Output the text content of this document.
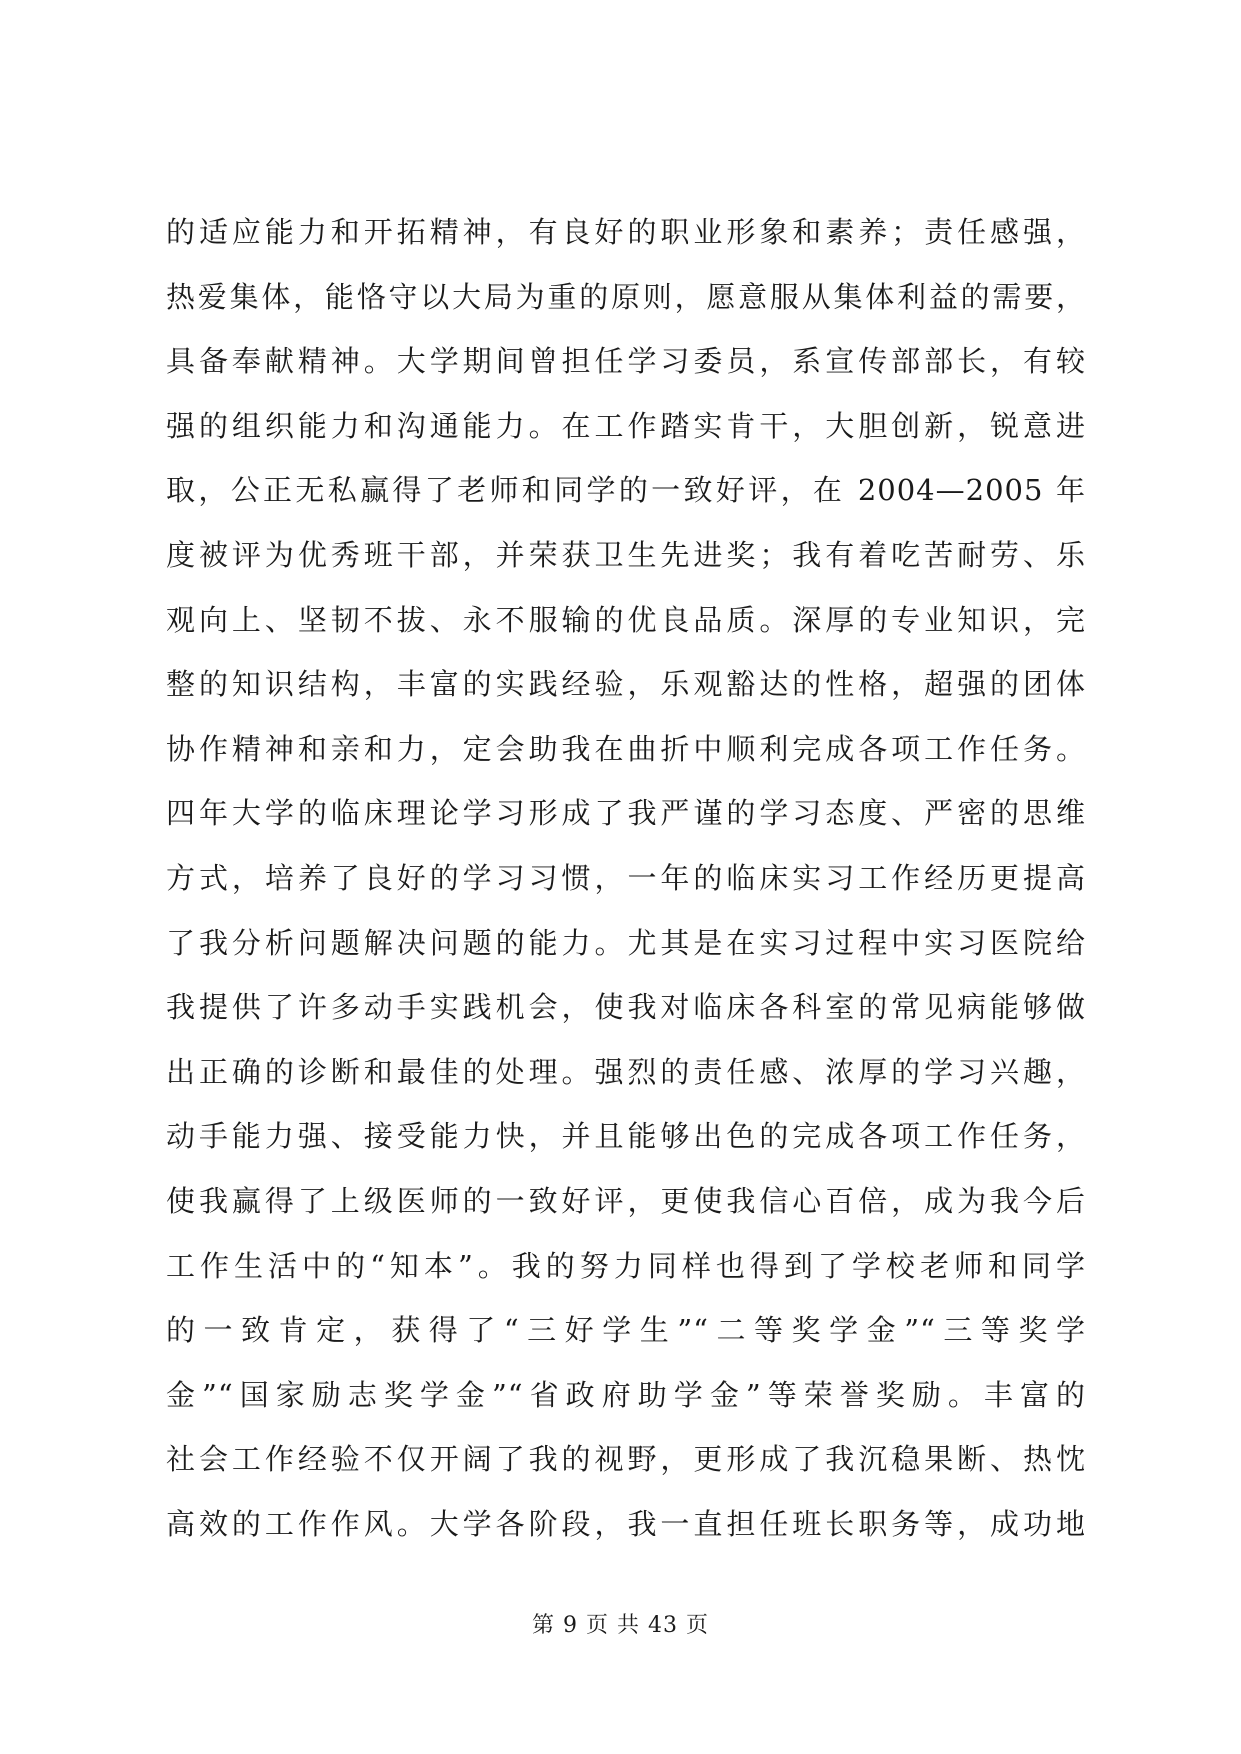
的适应能力和开拓精神，有良好的职业形象和素养；责任感强，
热爱集体，能恪守以大局为重的原则，愿意服从集体利益的需要，
具备奉献精神。大学期间曾担任学习委员，系宣传部部长，有较
强的组织能力和沟通能力。在工作踏实肯干，大胆创新，锐意进
取，公正无私赢得了老师和同学的一致好评，在 2004—2005 年
度被评为优秀班干部，并荣获卫生先进奖；我有着吃苦耐劳、乐
观向上、坚韧不拔、永不服输的优良品质。深厚的专业知识，完
整的知识结构，丰富的实践经验，乐观豁达的性格，超强的团体
协作精神和亲和力，定会助我在曲折中顺利完成各项工作任务。
四年大学的临床理论学习形成了我严谨的学习态度、严密的思维
方式，培养了良好的学习习惯，一年的临床实习工作经历更提高
了我分析问题解决问题的能力。尤其是在实习过程中实习医院给
我提供了许多动手实践机会，使我对临床各科室的常见病能够做
出正确的诊断和最佳的处理。强烈的责任感、浓厚的学习兴趣，
动手能力强、接受能力快，并且能够出色的完成各项工作任务，
使我赢得了上级医师的一致好评，更使我信心百倍，成为我今后
工作生活中的“知本”。我的努力同样也得到了学校老师和同学
的一致肯定，获得了“三好学生”“二等奖学金”“三等奖学
金”“国家励志奖学金”“省政府助学金”等荣誉奖励。丰富的
社会工作经验不仅开阔了我的视野，更形成了我沉稳果断、热忱
高效的工作作风。大学各阶段，我一直担任班长职务等，成功地
第 9 页 共 43 页
